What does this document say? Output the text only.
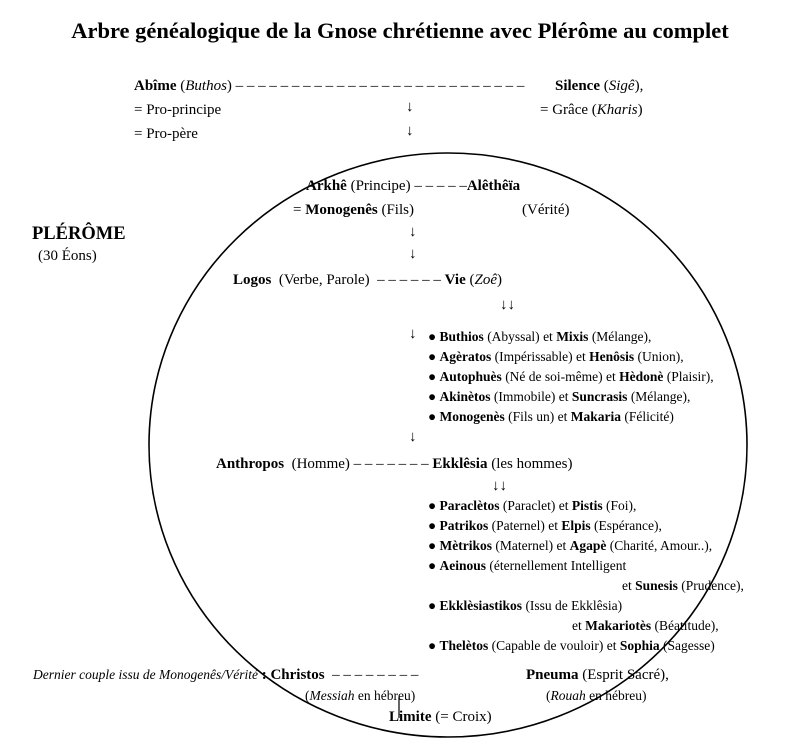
Arbre généalogique de la Gnose chrétienne avec Plérôme au complet
PLÉRÔME
(30 Éons)
Abîme (Buthos) – – – – – – – – – – – – – – – – – – – – – – – – – – Silence (Sigê),
= Pro-principe	= Grâce (Kharis)
= Pro-père
↓
↓
Arkhê (Principe) – – – – –Alêthêïa
= Monogenês (Fils)	(Vérité)
↓
↓
Logos (Verbe, Parole) – – – – – – Vie (Zoê)
↓↓
↓ ● Buthios (Abyssal) et Mixis (Mélange),
● Agèratos (Impérissable) et Henôsis (Union),
● Autophuès (Né de soi-même) et Hèdonè (Plaisir),
● Akinètos (Immobile) et Suncrasis (Mélange),
● Monogenès (Fils un) et Makaria (Félicité)
↓
Anthropos (Homme) – – – – – – – Ekklêsia (les hommes)
↓↓
● Paraclètos (Paraclet) et Pistis (Foi),
● Patrikos (Paternel) et Elpis (Espérance),
● Mètrikos (Maternel) et Agapè (Charité, Amour..),
● Aeinous (éternellement Intelligent
et Sunesis (Prudence),
● Ekklèsiastikos (Issu de Ekklêsia)
et Makariotès (Béatitude),
● Thelètos (Capable de vouloir) et Sophia (Sagesse)
Dernier couple issu de Monogenês/Vérité : Christos – – – – – – – –	Pneuma (Esprit Sacré),
(Messiah en hébreu)	(Rouah en hébreu)
Limite (= Croix)
